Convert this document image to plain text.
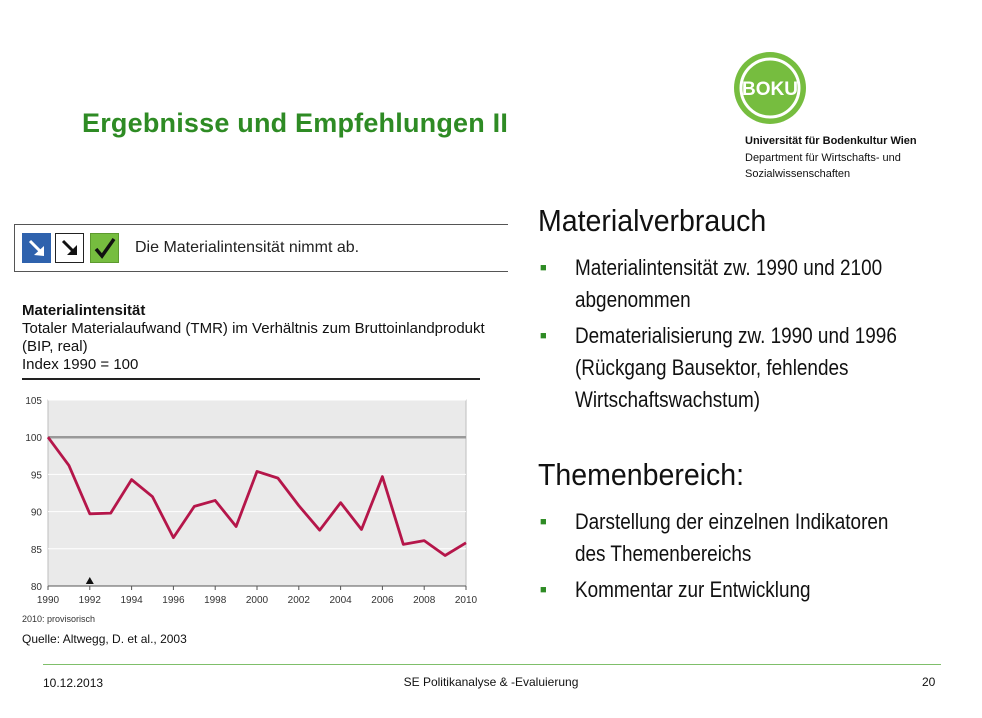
Ergebnisse und Empfehlungen II
BOKU
Universität für Bodenkultur Wien
Department für Wirtschafts- und
Sozialwissenschaften
Die Materialintensität nimmt ab.
Materialintensität
Totaler Materialaufwand (TMR) im Verhältnis zum Bruttoinlandprodukt
(BIP, real)
Index 1990 = 100
80
85
90
95
100
105
1990 1992 1994 1996 1998 2000 2002 2004 2006 2008 2010
2010: provisorisch
Quelle: Altwegg, D. et al., 2003
Materialverbrauch
■	Materialintensität zw. 1990 und 2100
abgenommen
■	Dematerialisierung zw. 1990 und 1996
(Rückgang Bausektor, fehlendes
Wirtschaftswachstum)
Themenbereich:
■	Darstellung der einzelnen Indikatoren
des Themenbereichs
■	Kommentar zur Entwicklung
10.12.2013	SE Politikanalyse & -Evaluierung	20
